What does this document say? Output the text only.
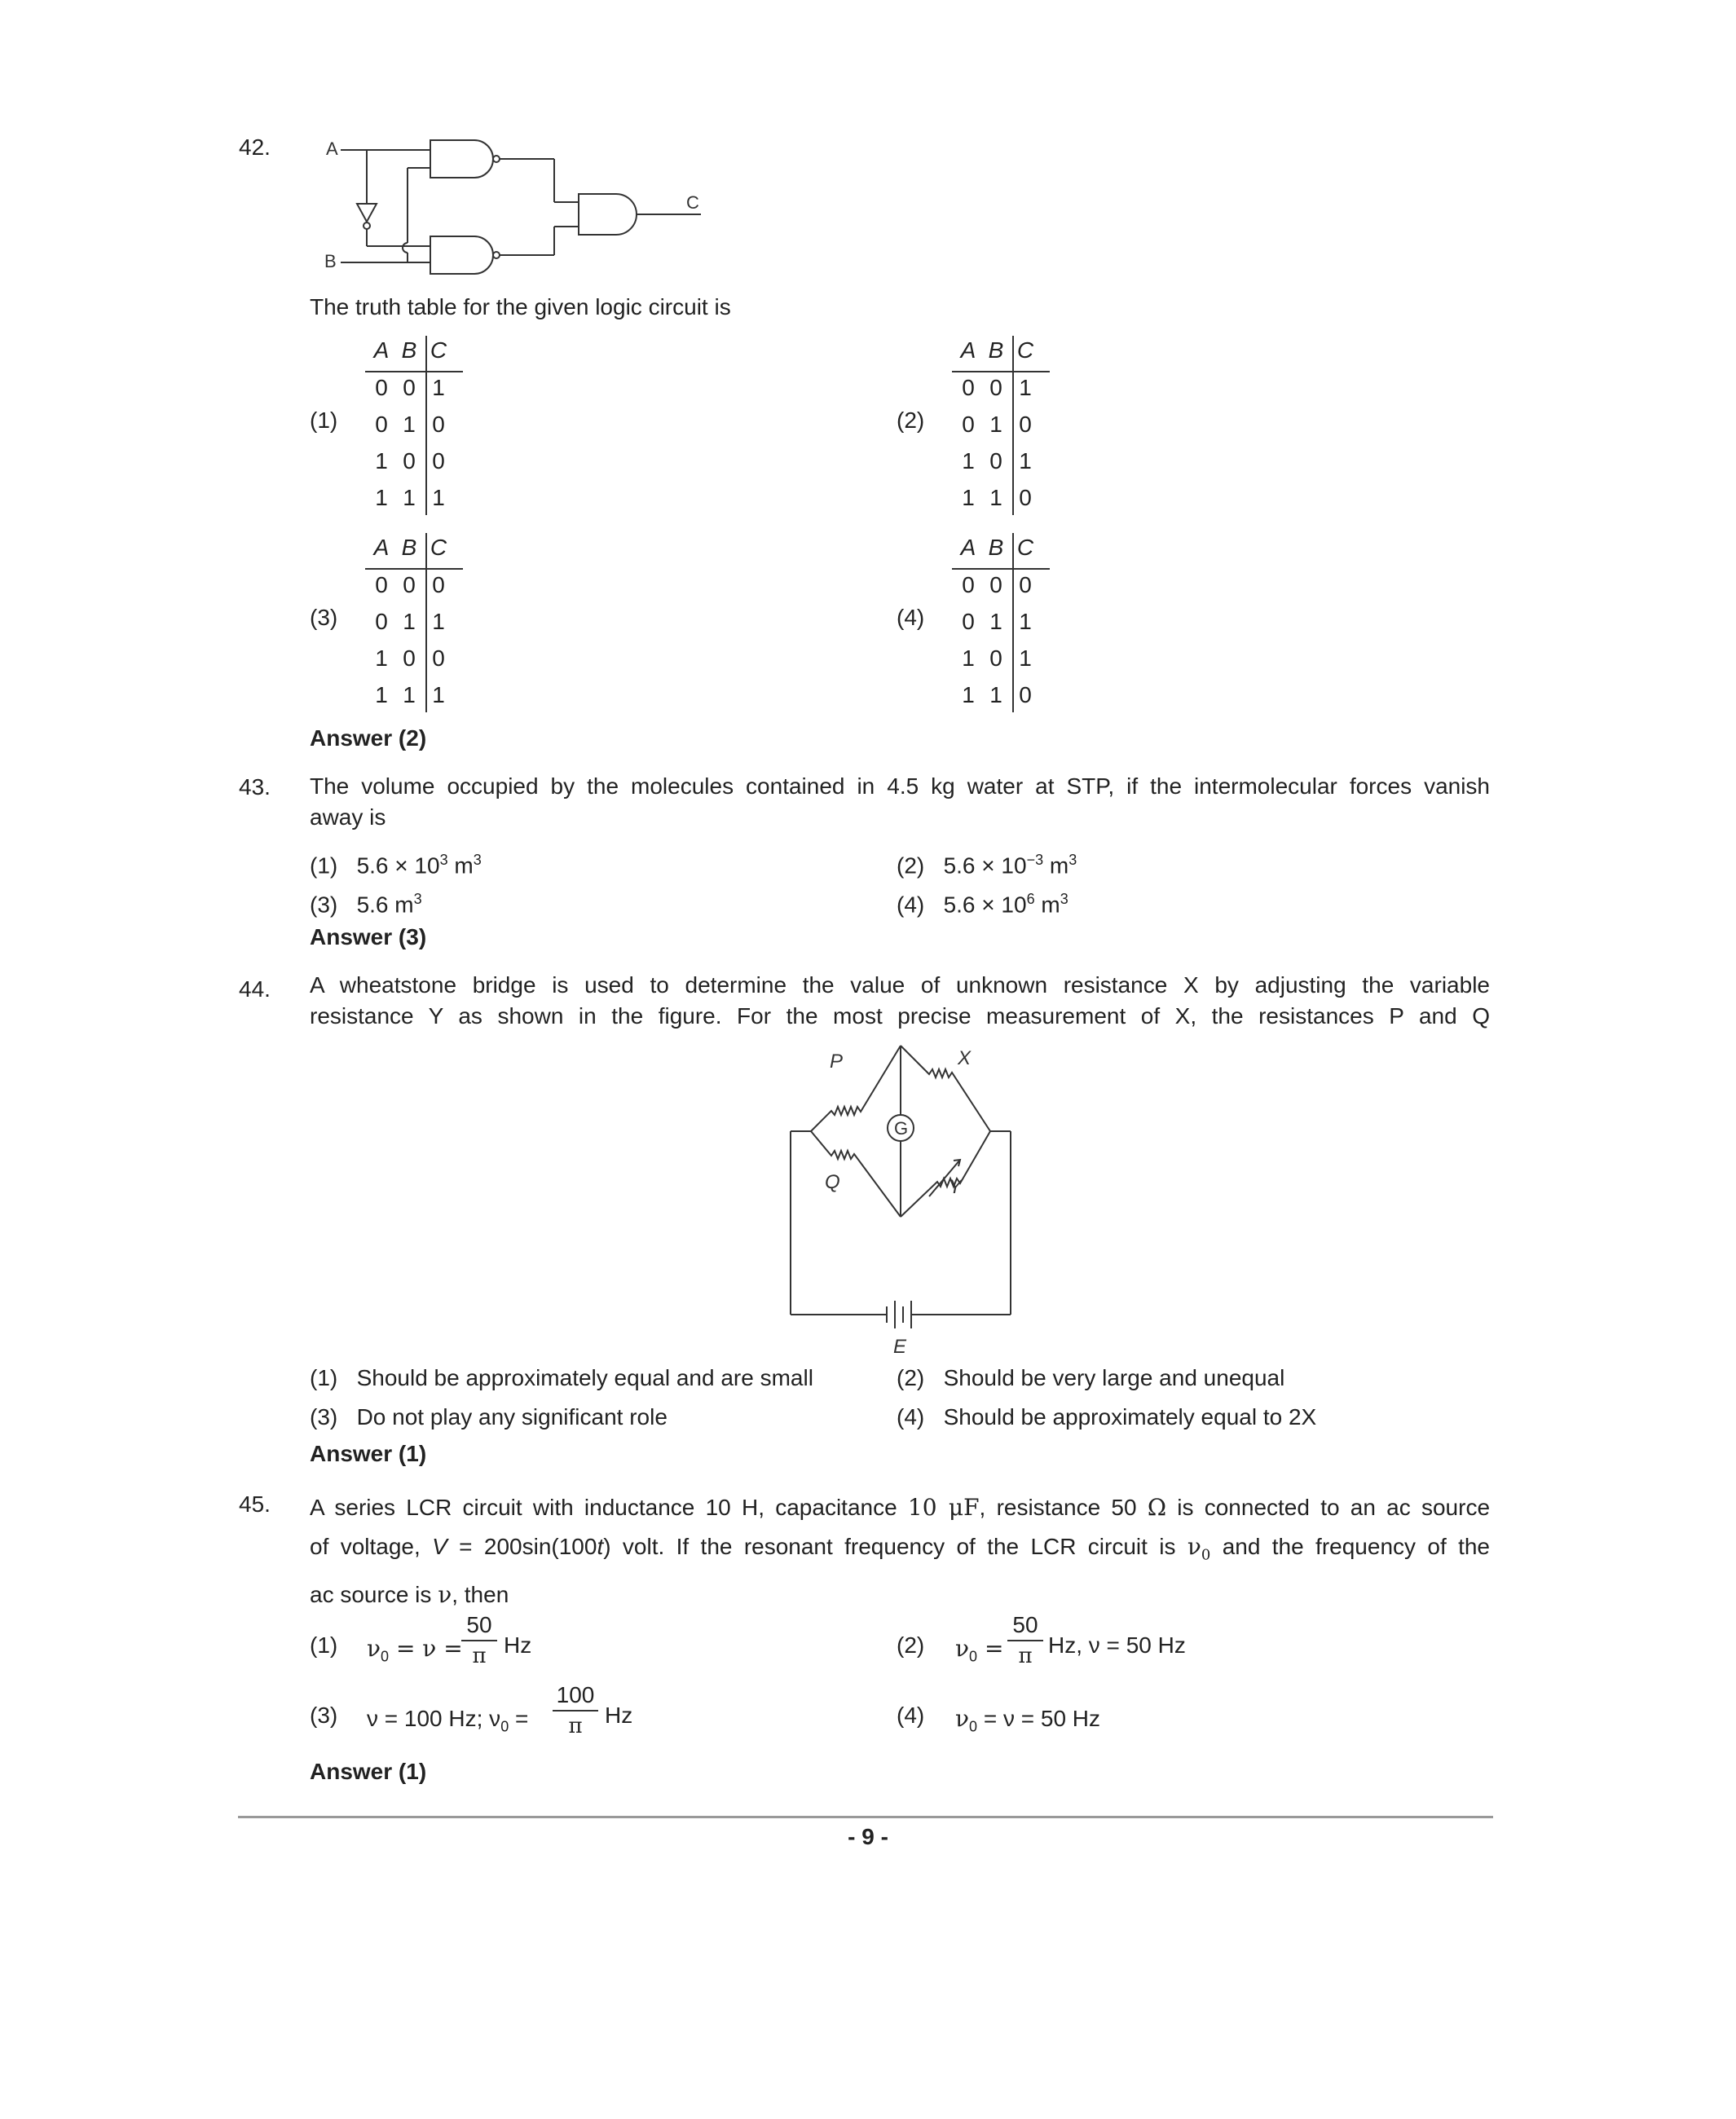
42.	A
B
C
The truth table for the given logic circuit is
(1)	(2)
(3)	(4)
A B C
0 0 1
0 1 0
1 0 0
1 1 1
A B C
0 0 1
0 1 0
1 0 1
1 1 0
A B C
0 0 0
0 1 1
1 0 0
1 1 1
A B C
0 0 0
0 1 1
1 0 1
1 1 0
Answer (2)
43. The volume occupied by the molecules contained in 4.5 kg water at STP, if the intermolecular forces vanish
away is
(1) $5.6 \times 10^3$ $m^3$	(2) $5.6 \times 10^{-3}$ $m^3$
(3) 5.6 $m^3$	(4) $5.6 \times 10^6$ $m^3$
Answer (3)
44. A wheatstone bridge is used to determine the value of unknown resistance X by adjusting the variable
resistance Y as shown in the figure. For the most precise measurement of X, the resistances P and Q
P	X
Q	Y
G
E
(1) Should be approximately equal and are small	(2) Should be very large and unequal
(3) Do not play any significant role	(4) Should be approximately equal to 2X
Answer (1)
45. A series LCR circuit with inductance 10 H, capacitance 10 μF, resistance 50 Ω is connected to an ac source
of voltage, V = 200sin(100t) volt. If the resonant frequency of the LCR circuit is $\nu_0$ and the frequency of the
ac source is ν, then
(1) $\nu_0 = \nu$ =
50
π Hz	(2) $\nu_0$ =
50
π Hz, ν = 50 Hz
(3) ν = 100 Hz; $\nu_0$ =
100
π Hz	(4) $\nu_0 = \nu = 50$ Hz
Answer (1)
- 9 -
